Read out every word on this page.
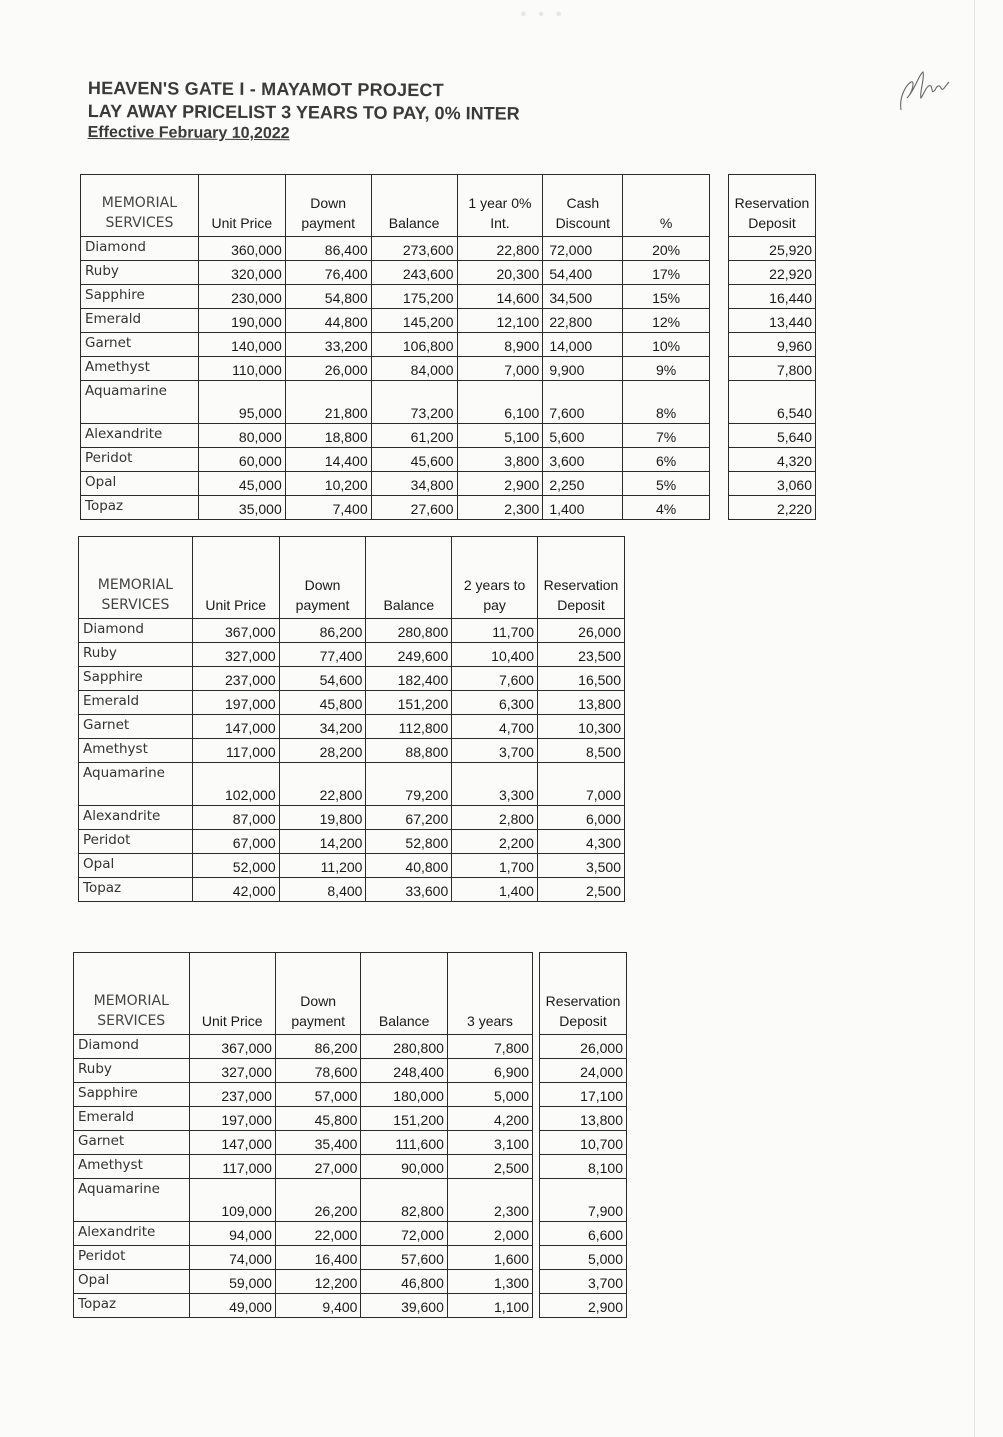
● ● ●
HEAVEN'S GATE I - MAYAMOT PROJECT
LAY AWAY PRICELIST 3 YEARS TO PAY, 0% INTER
Effective February 10,2022
MEMORIAL SERVICES	Unit Price	Down payment	Balance	1 year 0% Int.	Cash Discount	%		Reservation Deposit
Diamond	360,000	86,400	273,600	22,800	72,000	20%		25,920
Ruby	320,000	76,400	243,600	20,300	54,400	17%		22,920
Sapphire	230,000	54,800	175,200	14,600	34,500	15%		16,440
Emerald	190,000	44,800	145,200	12,100	22,800	12%		13,440
Garnet	140,000	33,200	106,800	8,900	14,000	10%		9,960
Amethyst	110,000	26,000	84,000	7,000	9,900	9%		7,800
Aquamarine	95,000	21,800	73,200	6,100	7,600	8%		6,540
Alexandrite	80,000	18,800	61,200	5,100	5,600	7%		5,640
Peridot	60,000	14,400	45,600	3,800	3,600	6%		4,320
Opal	45,000	10,200	34,800	2,900	2,250	5%		3,060
Topaz	35,000	7,400	27,600	2,300	1,400	4%		2,220
MEMORIAL SERVICES	Unit Price	Down payment	Balance	2 years to pay	Reservation Deposit
Diamond	367,000	86,200	280,800	11,700	26,000
Ruby	327,000	77,400	249,600	10,400	23,500
Sapphire	237,000	54,600	182,400	7,600	16,500
Emerald	197,000	45,800	151,200	6,300	13,800
Garnet	147,000	34,200	112,800	4,700	10,300
Amethyst	117,000	28,200	88,800	3,700	8,500
Aquamarine	102,000	22,800	79,200	3,300	7,000
Alexandrite	87,000	19,800	67,200	2,800	6,000
Peridot	67,000	14,200	52,800	2,200	4,300
Opal	52,000	11,200	40,800	1,700	3,500
Topaz	42,000	8,400	33,600	1,400	2,500
MEMORIAL SERVICES	Unit Price	Down payment	Balance	3 years		Reservation Deposit
Diamond	367,000	86,200	280,800	7,800		26,000
Ruby	327,000	78,600	248,400	6,900		24,000
Sapphire	237,000	57,000	180,000	5,000		17,100
Emerald	197,000	45,800	151,200	4,200		13,800
Garnet	147,000	35,400	111,600	3,100		10,700
Amethyst	117,000	27,000	90,000	2,500		8,100
Aquamarine	109,000	26,200	82,800	2,300		7,900
Alexandrite	94,000	22,000	72,000	2,000		6,600
Peridot	74,000	16,400	57,600	1,600		5,000
Opal	59,000	12,200	46,800	1,300		3,700
Topaz	49,000	9,400	39,600	1,100		2,900
